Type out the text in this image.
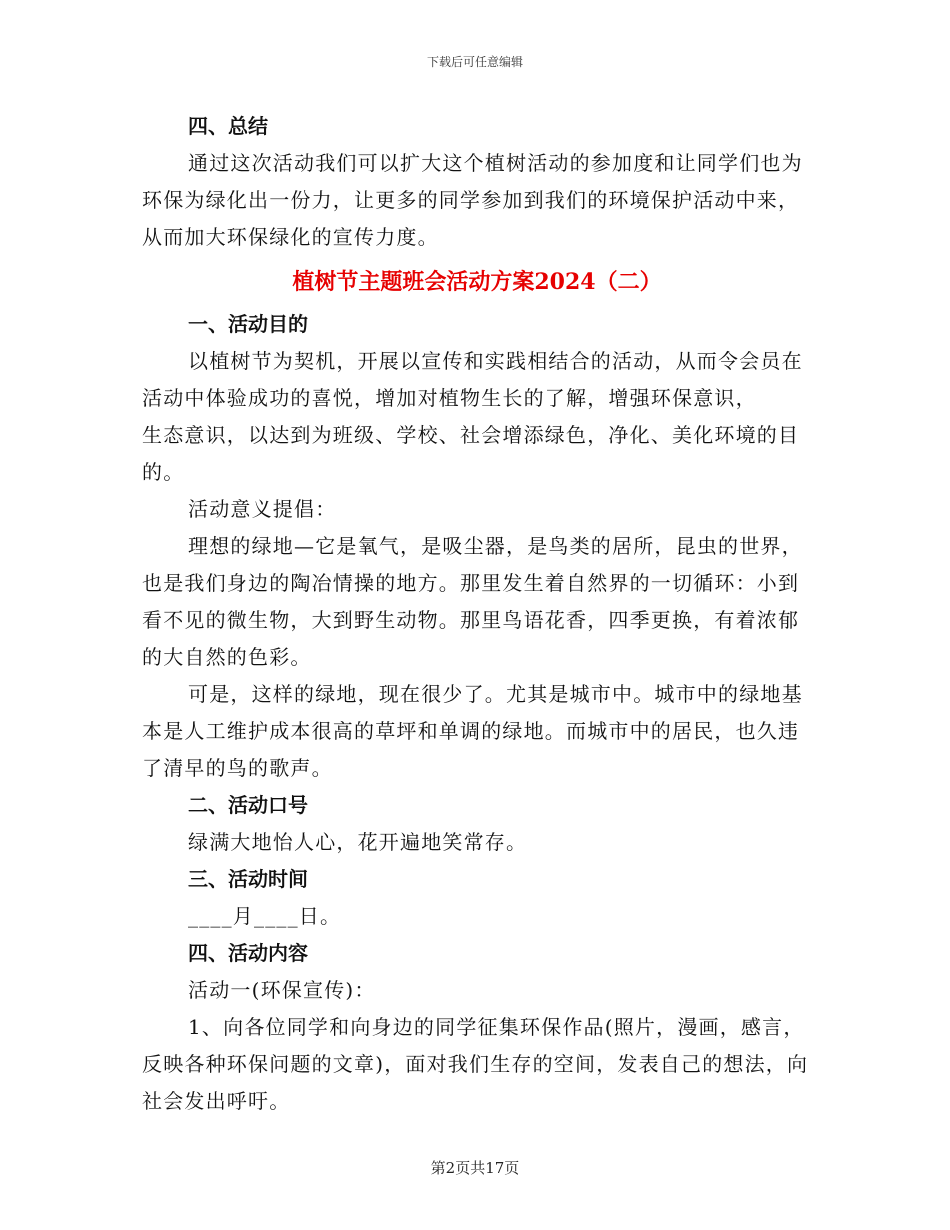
下载后可任意编辑
四、总结

通过这次活动我们可以扩大这个植树活动的参加度和让同学们也为环保为绿化出一份力，让更多的同学参加到我们的环境保护活动中来，从而加大环保绿化的宣传力度。

植树节主题班会活动方案2024（二）
一、活动目的

以植树节为契机，开展以宣传和实践相结合的活动，从而令会员在活动中体验成功的喜悦，增加对植物生长的了解，增强环保意识，
生态意识，以达到为班级、学校、社会增添绿色，净化、美化环境的目的。

活动意义提倡：

理想的绿地—它是氧气，是吸尘器，是鸟类的居所，昆虫的世界，也是我们身边的陶冶情操的地方。那里发生着自然界的一切循环：小到看不见的微生物，大到野生动物。那里鸟语花香，四季更换，有着浓郁的大自然的色彩。

可是，这样的绿地，现在很少了。尤其是城市中。城市中的绿地基本是人工维护成本很高的草坪和单调的绿地。而城市中的居民，也久违了清早的鸟的歌声。

二、活动口号

绿满大地怡人心，花开遍地笑常存。

三、活动时间

____月____日。

四、活动内容

活动一(环保宣传)：

1、向各位同学和向身边的同学征集环保作品(照片，漫画，感言，反映各种环保问题的文章)，面对我们生存的空间，发表自己的想法，向社会发出呼吁。

第2页共17页
